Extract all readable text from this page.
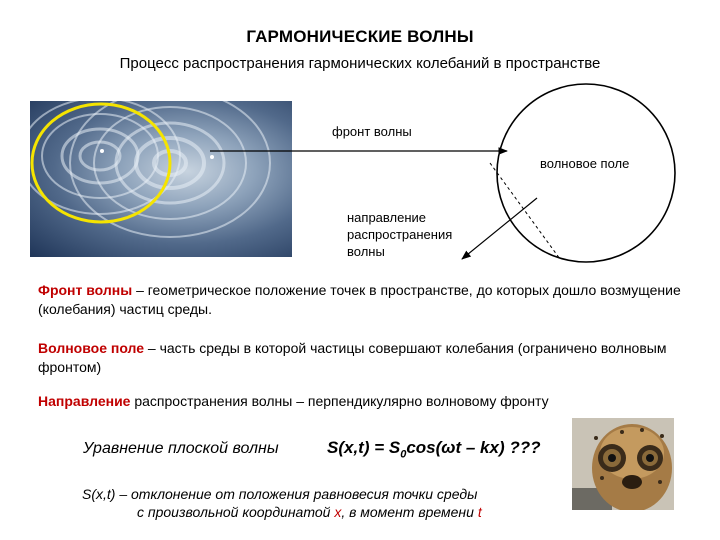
ГАРМОНИЧЕСКИЕ ВОЛНЫ
Процесс распространения гармонических колебаний в пространстве
фронт волны
волновое поле
направление
распространения
волны
Фронт волны – геометрическое положение точек в пространстве, до которых дошло возмущение (колебания) частиц среды.
Волновое поле – часть среды в которой частицы совершают колебания (ограничено волновым фронтом)
Направление распространения волны – перпендикулярно волновому фронту
Уравнение плоской волны	$S(x,t) = S_0\cos(\omega t - kx)$ ???
S(x,t) – отклонение от положения равновесия точки среды
с произвольной координатой x, в момент времени t
